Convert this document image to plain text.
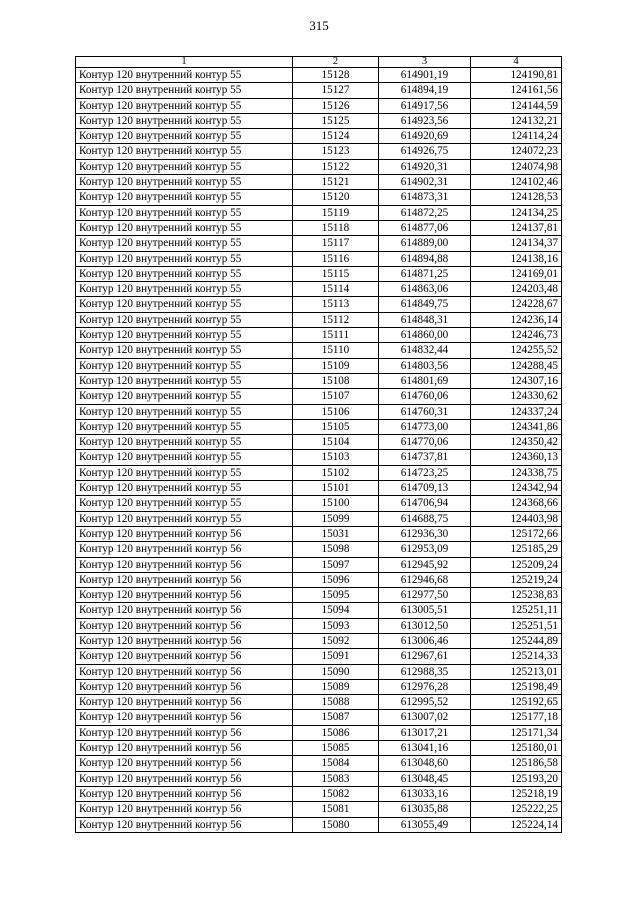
315
1	2	3	4
Контур 120 внутренний контур 55	15128	614901,19	124190,81
Контур 120 внутренний контур 55	15127	614894,19	124161,56
Контур 120 внутренний контур 55	15126	614917,56	124144,59
Контур 120 внутренний контур 55	15125	614923,56	124132,21
Контур 120 внутренний контур 55	15124	614920,69	124114,24
Контур 120 внутренний контур 55	15123	614926,75	124072,23
Контур 120 внутренний контур 55	15122	614920,31	124074,98
Контур 120 внутренний контур 55	15121	614902,31	124102,46
Контур 120 внутренний контур 55	15120	614873,31	124128,53
Контур 120 внутренний контур 55	15119	614872,25	124134,25
Контур 120 внутренний контур 55	15118	614877,06	124137,81
Контур 120 внутренний контур 55	15117	614889,00	124134,37
Контур 120 внутренний контур 55	15116	614894,88	124138,16
Контур 120 внутренний контур 55	15115	614871,25	124169,01
Контур 120 внутренний контур 55	15114	614863,06	124203,48
Контур 120 внутренний контур 55	15113	614849,75	124228,67
Контур 120 внутренний контур 55	15112	614848,31	124236,14
Контур 120 внутренний контур 55	15111	614860,00	124246,73
Контур 120 внутренний контур 55	15110	614832,44	124255,52
Контур 120 внутренний контур 55	15109	614803,56	124288,45
Контур 120 внутренний контур 55	15108	614801,69	124307,16
Контур 120 внутренний контур 55	15107	614760,06	124330,62
Контур 120 внутренний контур 55	15106	614760,31	124337,24
Контур 120 внутренний контур 55	15105	614773,00	124341,86
Контур 120 внутренний контур 55	15104	614770,06	124350,42
Контур 120 внутренний контур 55	15103	614737,81	124360,13
Контур 120 внутренний контур 55	15102	614723,25	124338,75
Контур 120 внутренний контур 55	15101	614709,13	124342,94
Контур 120 внутренний контур 55	15100	614706,94	124368,66
Контур 120 внутренний контур 55	15099	614688,75	124403,98
Контур 120 внутренний контур 56	15031	612936,30	125172,66
Контур 120 внутренний контур 56	15098	612953,09	125185,29
Контур 120 внутренний контур 56	15097	612945,92	125209,24
Контур 120 внутренний контур 56	15096	612946,68	125219,24
Контур 120 внутренний контур 56	15095	612977,50	125238,83
Контур 120 внутренний контур 56	15094	613005,51	125251,11
Контур 120 внутренний контур 56	15093	613012,50	125251,51
Контур 120 внутренний контур 56	15092	613006,46	125244,89
Контур 120 внутренний контур 56	15091	612967,61	125214,33
Контур 120 внутренний контур 56	15090	612988,35	125213,01
Контур 120 внутренний контур 56	15089	612976,28	125198,49
Контур 120 внутренний контур 56	15088	612995,52	125192,65
Контур 120 внутренний контур 56	15087	613007,02	125177,18
Контур 120 внутренний контур 56	15086	613017,21	125171,34
Контур 120 внутренний контур 56	15085	613041,16	125180,01
Контур 120 внутренний контур 56	15084	613048,60	125186,58
Контур 120 внутренний контур 56	15083	613048,45	125193,20
Контур 120 внутренний контур 56	15082	613033,16	125218,19
Контур 120 внутренний контур 56	15081	613035,88	125222,25
Контур 120 внутренний контур 56	15080	613055,49	125224,14
